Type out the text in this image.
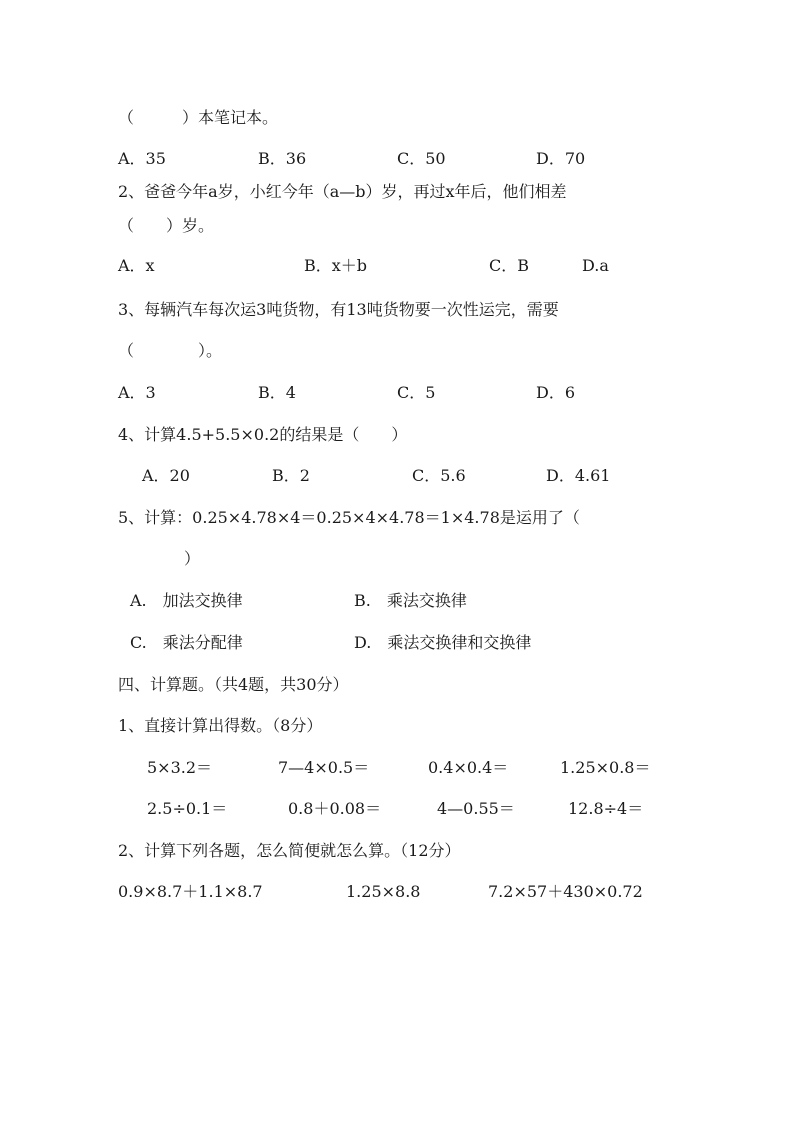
（　　　）本笔记本。
A．35	B．36	C．50	D．70
2、爸爸今年a岁，小红今年（a—b）岁，再过x年后，他们相差
（　　）岁。
A．x	B．x＋b	C．B	D.a
3、每辆汽车每次运3吨货物，有13吨货物要一次性运完，需要
（　　　　）。
A．3	B．4	C．5	D．6
4、计算4.5+5.5×0.2的结果是（　　）
A．20	B．2	C．5.6	D．4.61
5、计算：0.25×4.78×4＝0.25×4×4.78＝1×4.78是运用了（
）
A.　加法交换律	B.　乘法交换律
C.　乘法分配律	D.　乘法交换律和交换律
四、计算题。（共4题，共30分）
1、直接计算出得数。（8分）
5×3.2＝	7—4×0.5＝	0.4×0.4＝	1.25×0.8＝
2.5÷0.1＝	0.8＋0.08＝	4—0.55＝	12.8÷4＝
2、计算下列各题，怎么简便就怎么算。（12分）
0.9×8.7＋1.1×8.7	1.25×8.8	7.2×57＋430×0.72
